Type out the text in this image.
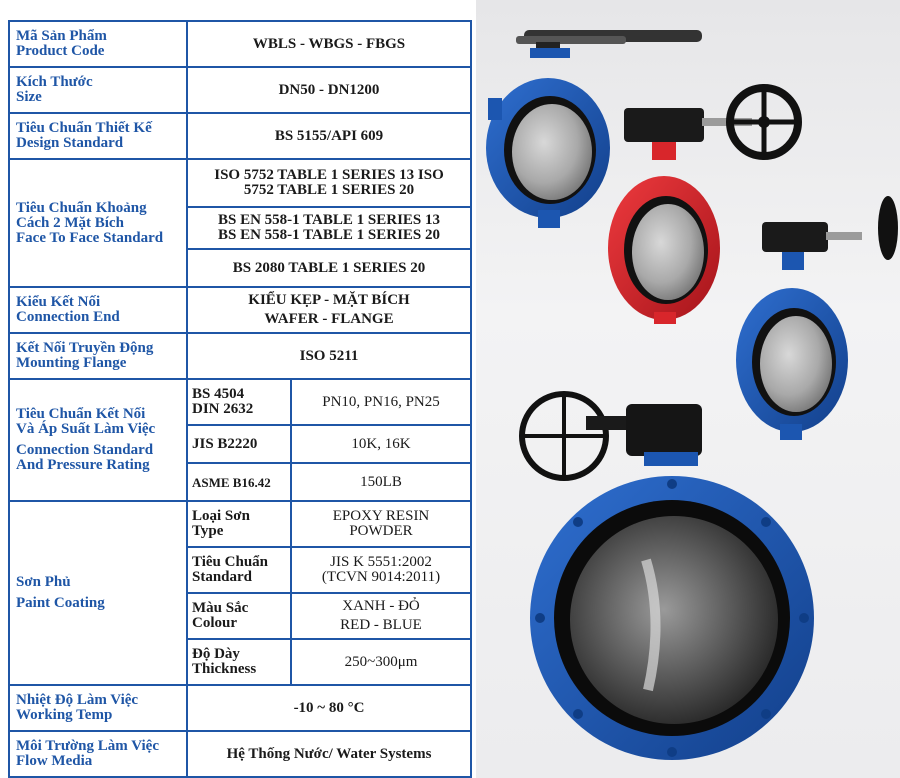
Mã Sản Phẩm
Product Code	WBLS - WBGS - FBGS	

Kích Thước
Size	DN50 - DN1200	

Tiêu Chuẩn Thiết Kế
Design Standard	BS 5155/API 609	

Tiêu Chuẩn Khoảng
Cách 2 Mặt Bích
Face To Face Standard	ISO 5752 TABLE 1 SERIES 13 ISO
5752 TABLE 1 SERIES 20	

	BS EN 558-1 TABLE 1 SERIES 13
BS EN 558-1 TABLE 1 SERIES 20	

	BS 2080 TABLE 1 SERIES 20	

Kiểu Kết Nối
Connection End	KIỂU KẸP - MẶT BÍCH
WAFER - FLANGE	

Kết Nối Truyền Động
Mounting Flange	ISO 5211	

Tiêu Chuẩn Kết Nối
Và Áp Suất Làm Việc
Connection Standard
And Pressure Rating	BS 4504
DIN 2632	PN10, PN16, PN25

	JIS B2220	10K, 16K

	ASME B16.42	150LB

Sơn Phủ
Paint Coating	Loại Sơn
Type	EPOXY RESIN
POWDER

	Tiêu Chuẩn
Standard	JIS K 5551:2002
(TCVN 9014:2011)

	Màu Sắc
Colour	XANH - ĐỎ
RED - BLUE

	Độ Dày
Thickness	250~300μm

Nhiệt Độ Làm Việc
Working Temp	-10 ~ 80 °C	

Môi Trường Làm Việc
Flow Media	Hệ Thống Nước/ Water Systems	
